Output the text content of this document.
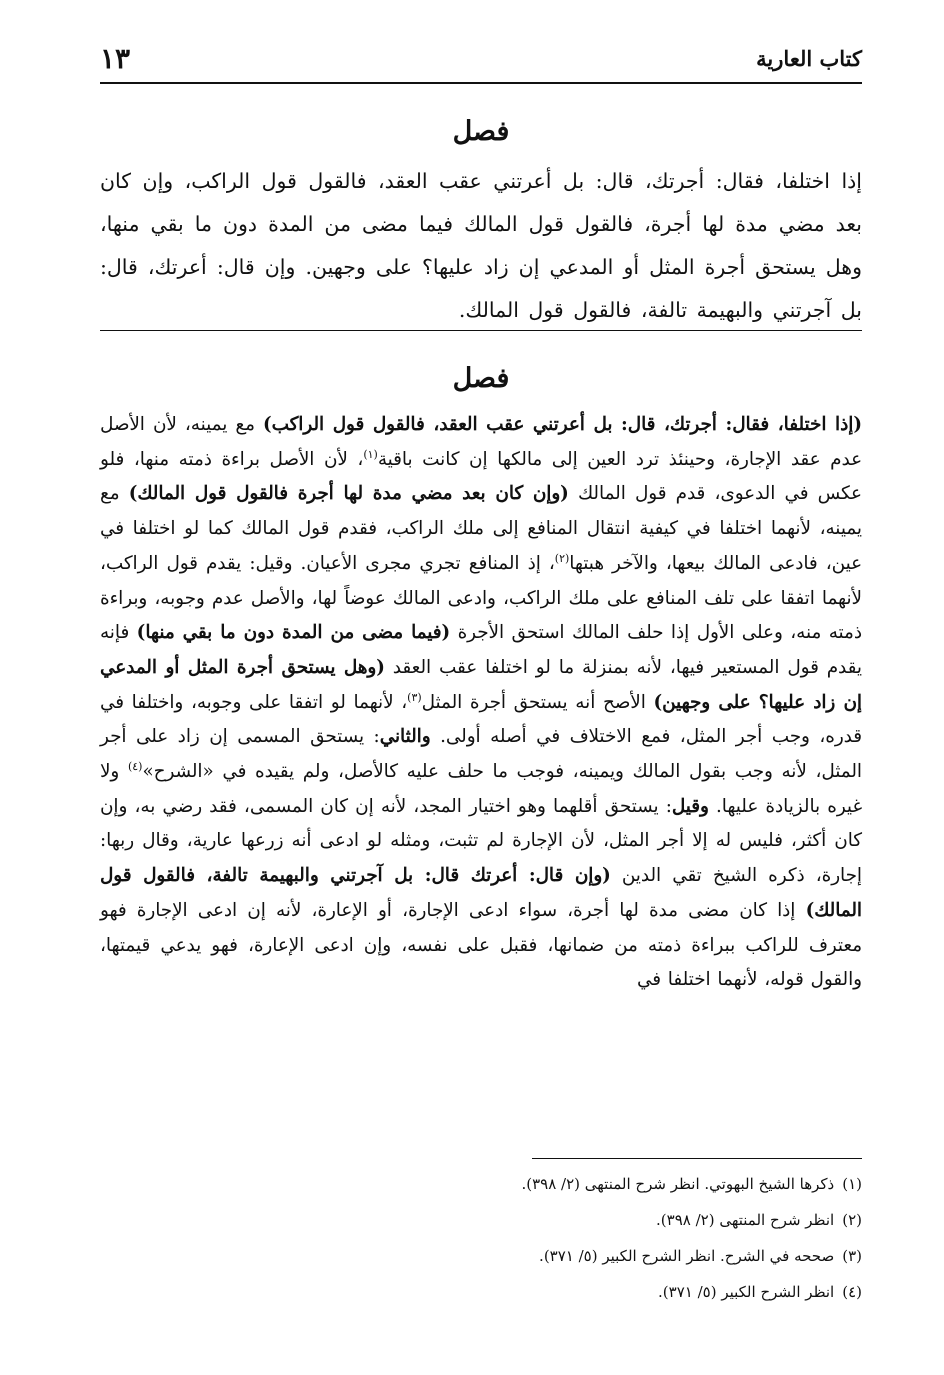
كتاب العارية
١٣
فصل

إذا اختلفا، فقال: أجرتك، قال: بل أعرتني عقب العقد، فالقول قول الراكب، وإن كان بعد مضي مدة لها أجرة، فالقول قول المالك فيما مضى من المدة دون ما بقي منها، وهل يستحق أجرة المثل أو المدعي إن زاد عليها؟ على وجهين. وإن قال: أعرتك، قال: بل آجرتني والبهيمة تالفة، فالقول قول المالك.

فصل

(إذا اختلفا، فقال: أجرتك، قال: بل أعرتني عقب العقد، فالقول قول الراكب) مع يمينه، لأن الأصل عدم عقد الإجارة، وحينئذ ترد العين إلى مالكها إن كانت باقية$^{(١)}$، لأن الأصل براءة ذمته منها، فلو عكس في الدعوى، قدم قول المالك (وإن كان بعد مضي مدة لها أجرة فالقول قول المالك) مع يمينه، لأنهما اختلفا في كيفية انتقال المنافع إلى ملك الراكب، فقدم قول المالك كما لو اختلفا في عين، فادعى المالك بيعها، والآخر هبتها$^{(٢)}$، إذ المنافع تجري مجرى الأعيان. وقيل: يقدم قول الراكب، لأنهما اتفقا على تلف المنافع على ملك الراكب، وادعى المالك عوضاً لها، والأصل عدم وجوبه، وبراءة ذمته منه، وعلى الأول إذا حلف المالك استحق الأجرة (فيما مضى من المدة دون ما بقي منها) فإنه يقدم قول المستعير فيها، لأنه بمنزلة ما لو اختلفا عقب العقد (وهل يستحق أجرة المثل أو المدعي إن زاد عليها؟ على وجهين) الأصح أنه يستحق أجرة المثل$^{(٣)}$، لأنهما لو اتفقا على وجوبه، واختلفا في قدره، وجب أجر المثل، فمع الاختلاف في أصله أولى. والثاني: يستحق المسمى إن زاد على أجر المثل، لأنه وجب بقول المالك ويمينه، فوجب ما حلف عليه كالأصل، ولم يقيده في «الشرح»$^{(٤)}$ ولا غيره بالزيادة عليها. وقيل: يستحق أقلهما وهو اختيار المجد، لأنه إن كان المسمى، فقد رضي به، وإن كان أكثر، فليس له إلا أجر المثل، لأن الإجارة لم تثبت، ومثله لو ادعى أنه زرعها عارية، وقال ربها: إجارة، ذكره الشيخ تقي الدين (وإن قال: أعرتك قال: بل آجرتني والبهيمة تالفة، فالقول قول المالك) إذا كان مضى مدة لها أجرة، سواء ادعى الإجارة، أو الإعارة، لأنه إن ادعى الإجارة فهو معترف للراكب ببراءة ذمته من ضمانها، فقبل على نفسه، وإن ادعى الإعارة، فهو يدعي قيمتها، والقول قوله، لأنهما اختلفا في

(١)ذكرها الشيخ البهوتي. انظر شرح المنتهى (٢/ ٣٩٨).
(٢)انظر شرح المنتهى (٢/ ٣٩٨).
(٣)صححه في الشرح. انظر الشرح الكبير (٥/ ٣٧١).
(٤)انظر الشرح الكبير (٥/ ٣٧١).
